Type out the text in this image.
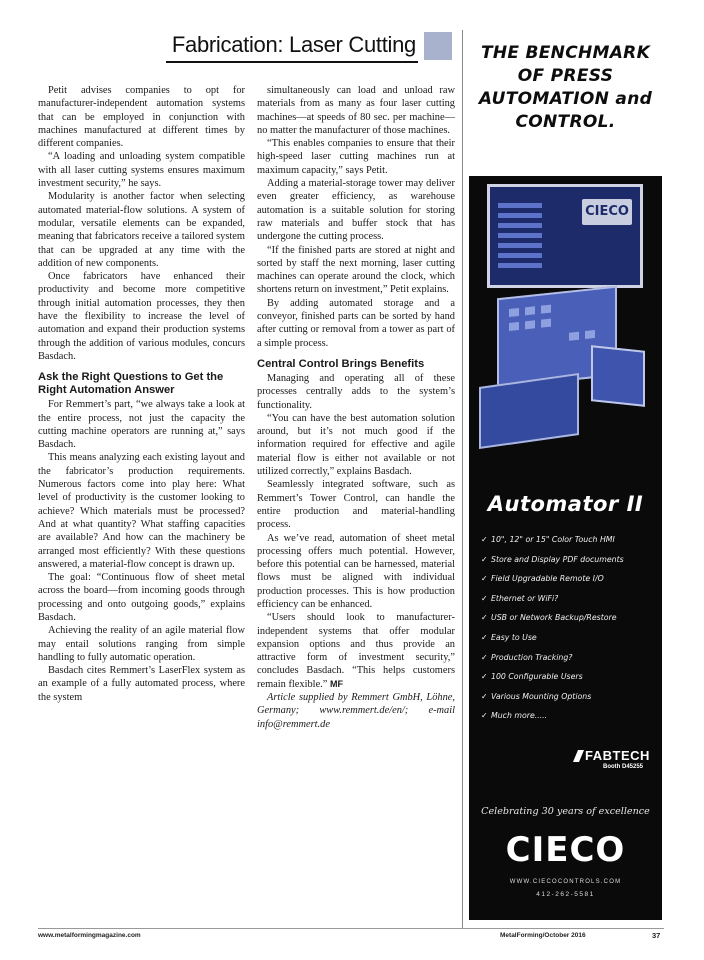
Fabrication: Laser Cutting

Petit advises companies to opt for manufacturer-independent automation systems that can be employed in conjunction with machines manufactured at different times by different companies.

“A loading and unloading system compatible with all laser cutting systems ensures maximum investment security,” he says.

Modularity is another factor when selecting automated material-flow solutions. A system of modular, versatile elements can be expanded, meaning that fabricators receive a tailored system that can be upgraded at any time with the addition of new components.

Once fabricators have enhanced their productivity and become more competitive through initial automation processes, they then have the flexibility to increase the level of automation and expand their production systems through the addition of various modules, concurs Basdach.

Ask the Right Questions to Get the Right Automation Answer

For Remmert’s part, “we always take a look at the entire process, not just the capacity the cutting machine operators are running at,” says Basdach.

This means analyzing each existing layout and the fabricator’s production requirements. Numerous factors come into play here: What level of productivity is the customer looking to achieve? Which materials must be processed? And at what quantity? What staffing capacities are available? And how can the machinery be arranged most efficiently? With these questions answered, a material-flow concept is drawn up.

The goal: “Continuous flow of sheet metal across the board—from incoming goods through processing and onto outgoing goods,” explains Basdach.

Achieving the reality of an agile material flow may entail solutions ranging from simple handling to fully automatic operation.

Basdach cites Remmert’s LaserFlex system as an example of a fully automated process, where the system

simultaneously can load and unload raw materials from as many as four laser cutting machines—at speeds of 80 sec. per machine—no matter the manufacturer of those machines.

“This enables companies to ensure that their high-speed laser cutting machines run at maximum capacity,” says Petit.

Adding a material-storage tower may deliver even greater efficiency, as warehouse automation is a suitable solution for storing raw materials and buffer stock that has undergone the cutting process.

“If the finished parts are stored at night and sorted by staff the next morning, laser cutting machines can operate around the clock, which shortens return on investment,” Petit explains.

By adding automated storage and a conveyor, finished parts can be sorted by hand after cutting or removal from a tower as part of a simple process.

Central Control Brings Benefits

Managing and operating all of these processes centrally adds to the system’s functionality.

“You can have the best automation solution around, but it’s not much good if the information required for effective and agile material flow is either not available or not utilized correctly,” explains Basdach.

Seamlessly integrated software, such as Remmert’s Tower Control, can handle the entire production and material-handling process.

As we’ve read, automation of sheet metal processing offers much potential. However, before this potential can be harnessed, material flows must be aligned with individual production processes. This is how production efficiency can be enhanced.

“Users should look to manufacturer-independent systems that offer modular expansion options and thus provide an attractive form of investment security,” concludes Basdach. “This helps customers remain flexible.” MF

Article supplied by Remmert GmbH, Löhne, Germany; www.remmert.de/en/; e-mail info@remmert.de

THE BENCHMARK OF PRESS AUTOMATION and CONTROL.
CIECO
Automator II
✓ 10", 12" or 15" Color Touch HMI
✓ Store and Display PDF documents
✓ Field Upgradable Remote I/O
✓ Ethernet or WiFi?
✓ USB or Network Backup/Restore
✓ Easy to Use
✓ Production Tracking?
✓ 100 Configurable Users
✓ Various Mounting Options
✓ Much more.....
FABTECH
Booth D45255
Celebrating 30 years of excellence
CIECO
WWW.CIECOCONTROLS.COM
412-262-5581
www.metalformingmagazine.com	MetalForming/October 2016	37
